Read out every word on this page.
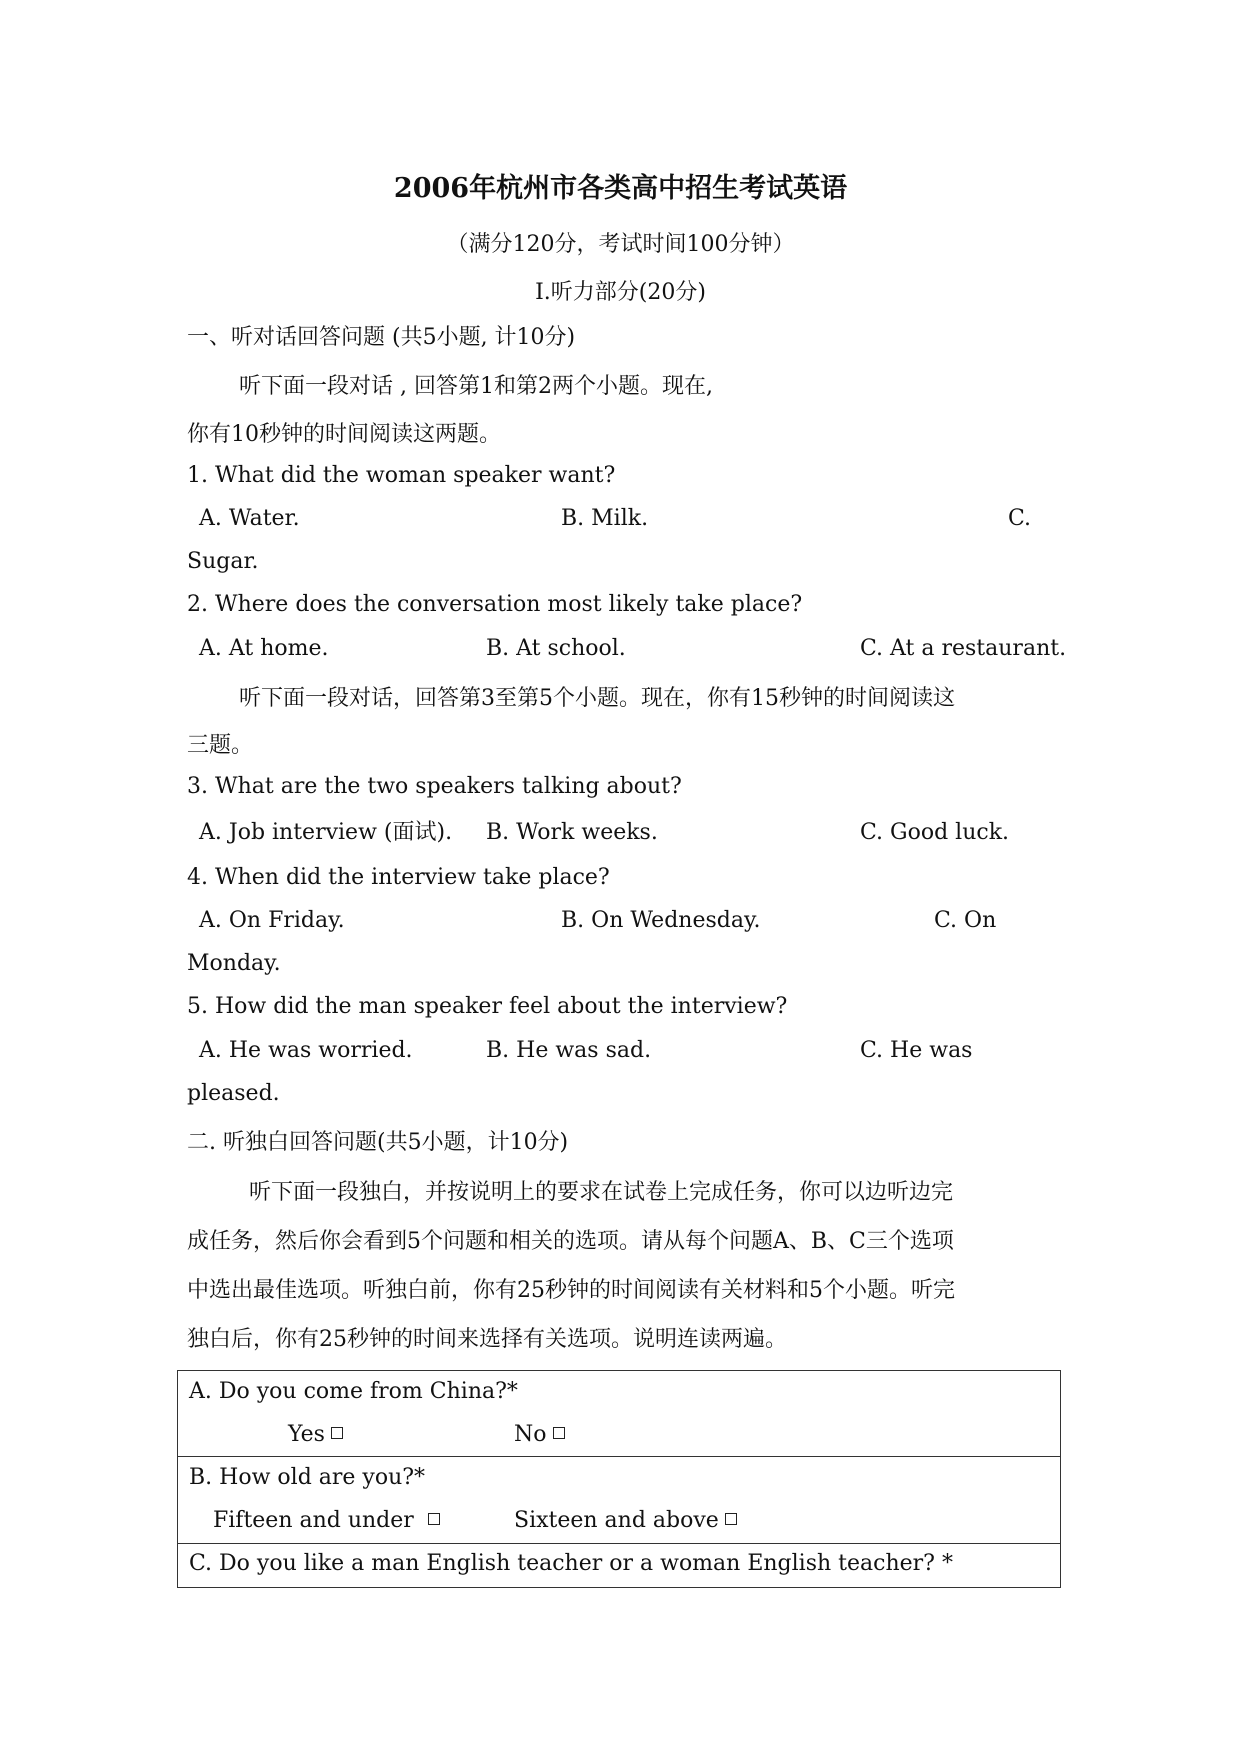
2006年杭州市各类高中招生考试英语
（满分120分，考试时间100分钟）
I.听力部分(20分)
一、听对话回答问题 (共5小题, 计10分)
听下面一段对话 , 回答第1和第2两个小题。现在,
你有10秒钟的时间阅读这两题。
1. What did the woman speaker want?
A. Water.	B. Milk.	C.
Sugar.
2. Where does the conversation most likely take place?
A. At home.	B. At school.	C. At a restaurant.
听下面一段对话，回答第3至第5个小题。现在，你有15秒钟的时间阅读这
三题。
3. What are the two speakers talking about?
A. Job interview (面试). B. Work weeks.	C. Good luck.
4. When did the interview take place?
A. On Friday.	B. On Wednesday.	C. On
Monday.
5. How did the man speaker feel about the interview?
A. He was worried.	B. He was sad.	C. He was
pleased.
二. 听独白回答问题(共5小题，计10分)
听下面一段独白，并按说明上的要求在试卷上完成任务，你可以边听边完
成任务，然后你会看到5个问题和相关的选项。请从每个问题A、B、C三个选项
中选出最佳选项。听独白前，你有25秒钟的时间阅读有关材料和5个小题。听完
独白后，你有25秒钟的时间来选择有关选项。说明连读两遍。
A. Do you come from China?*
Yes	No
B. How old are you?*
Fifteen and under	Sixteen and above
C. Do you like a man English teacher or a woman English teacher? *
